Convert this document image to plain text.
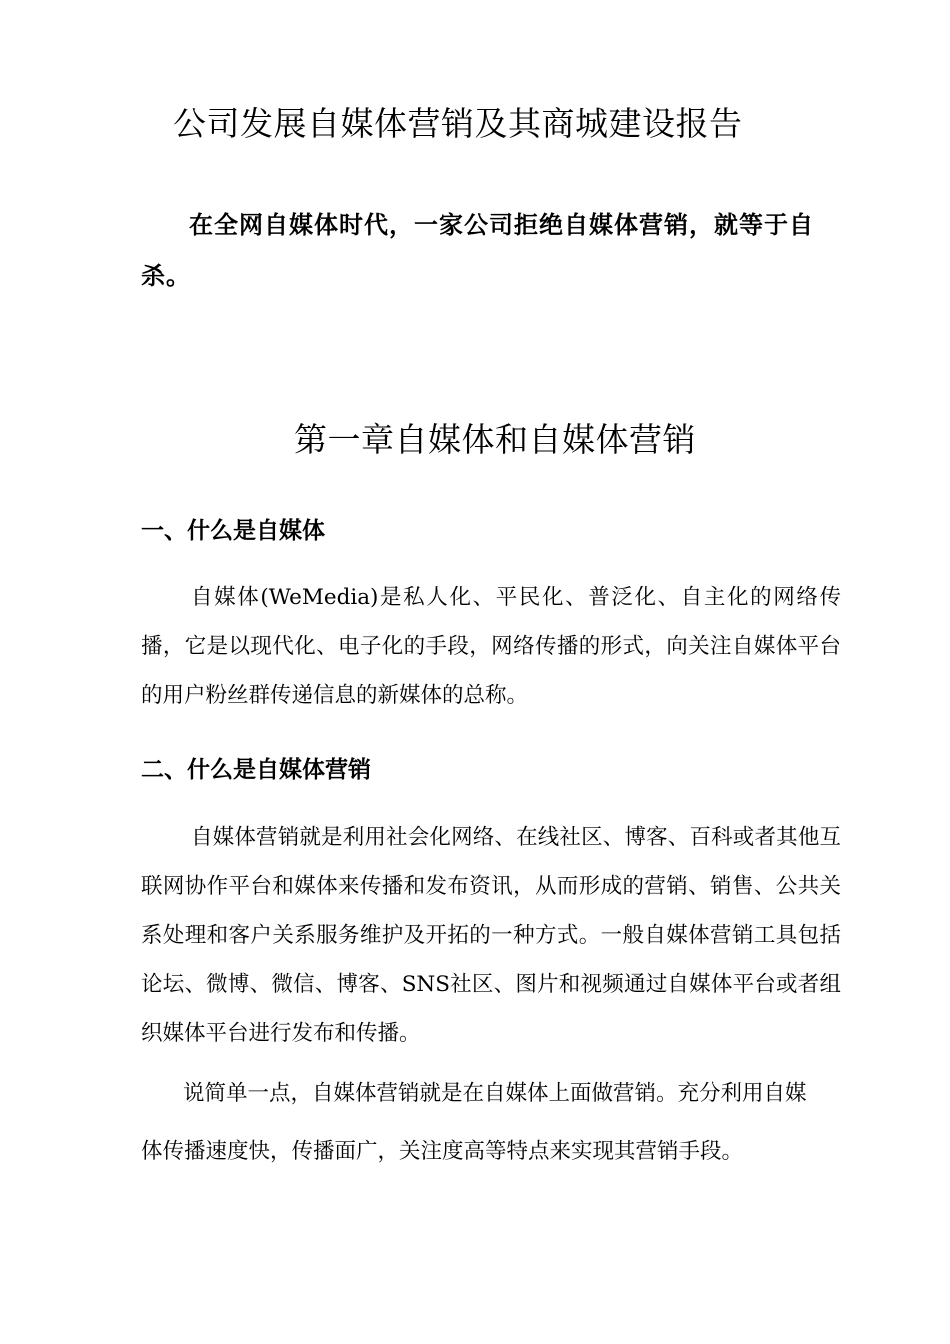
公司发展自媒体营销及其商城建设报告

在全网自媒体时代，一家公司拒绝自媒体营销，就等于自杀。

第一章自媒体和自媒体营销
一、什么是自媒体

自媒体(WeMedia)是私人化、平民化、普泛化、自主化的网络传播，它是以现代化、电子化的手段，网络传播的形式，向关注自媒体平台的用户粉丝群传递信息的新媒体的总称。

二、什么是自媒体营销

自媒体营销就是利用社会化网络、在线社区、博客、百科或者其他互联网协作平台和媒体来传播和发布资讯，从而形成的营销、销售、公共关系处理和客户关系服务维护及开拓的一种方式。一般自媒体营销工具包括论坛、微博、微信、博客、SNS社区、图片和视频通过自媒体平台或者组织媒体平台进行发布和传播。

说简单一点，自媒体营销就是在自媒体上面做营销。充分利用自媒体传播速度快，传播面广，关注度高等特点来实现其营销手段。
